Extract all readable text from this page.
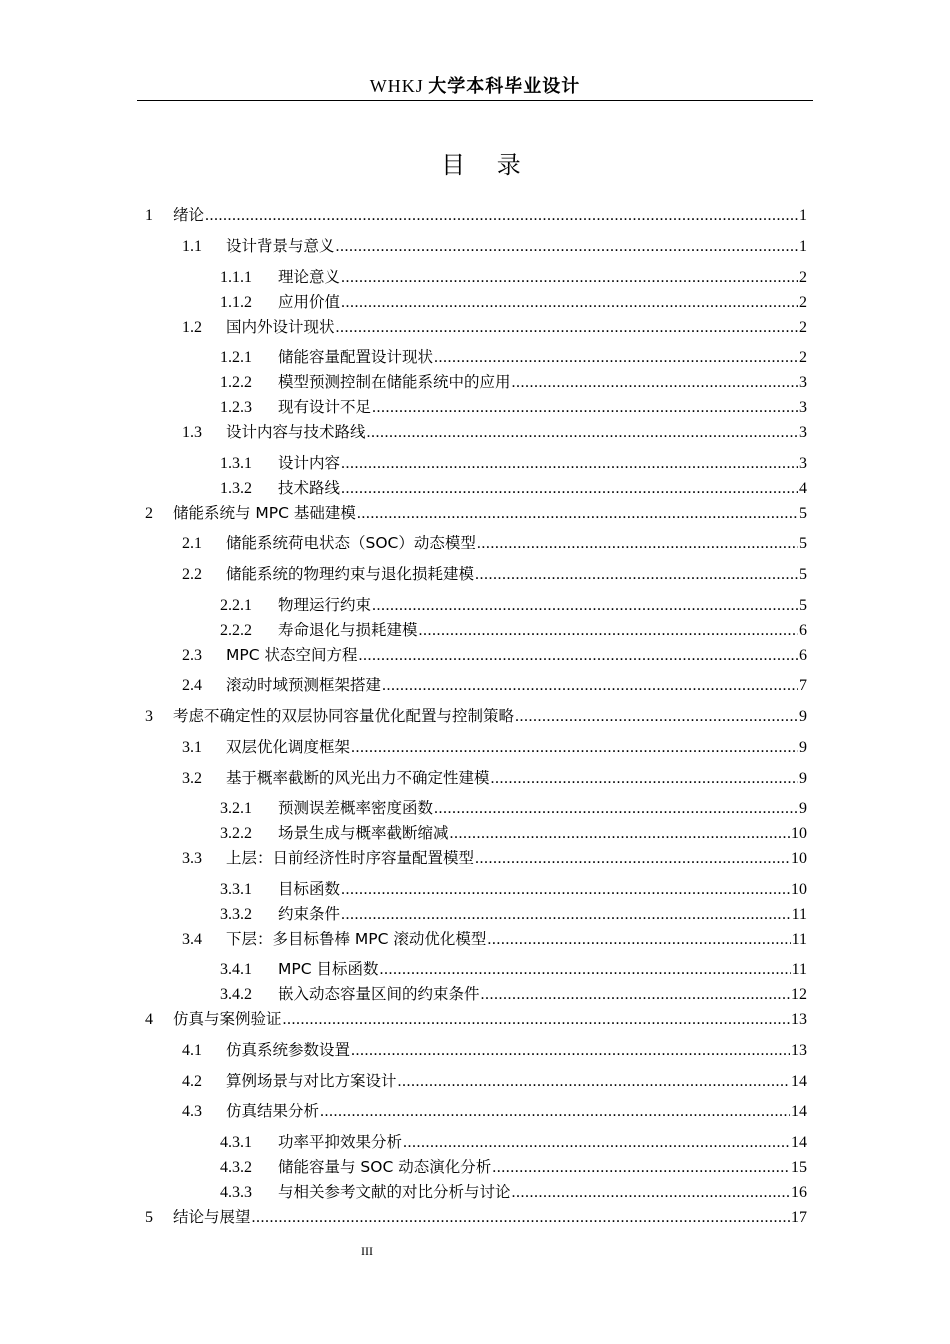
WHKJ 大学本科毕业设计
目 录
1	绪论 .....	1
1.1	设计背景与意义 .....	1
1.1.1	理论意义 .....	2
1.1.2	应用价值 .....	2
1.2	国内外设计现状 .....	2
1.2.1	储能容量配置设计现状 .....	2
1.2.2	模型预测控制在储能系统中的应用 .....	3
1.2.3	现有设计不足 .....	3
1.3	设计内容与技术路线 .....	3
1.3.1	设计内容 .....	3
1.3.2	技术路线 .....	4
2	储能系统与 MPC 基础建模 .....	5
2.1	储能系统荷电状态（SOC）动态模型 .....	5
2.2	储能系统的物理约束与退化损耗建模 .....	5
2.2.1	物理运行约束 .....	5
2.2.2	寿命退化与损耗建模 .....	6
2.3	MPC 状态空间方程 .....	6
2.4	滚动时域预测框架搭建 .....	7
3	考虑不确定性的双层协同容量优化配置与控制策略 .....	9
3.1	双层优化调度框架 .....	9
3.2	基于概率截断的风光出力不确定性建模 .....	9
3.2.1	预测误差概率密度函数 .....	9
3.2.2	场景生成与概率截断缩减 .....	10
3.3	上层：日前经济性时序容量配置模型 .....	10
3.3.1	目标函数 .....	10
3.3.2	约束条件 .....	11
3.4	下层：多目标鲁棒 MPC 滚动优化模型 .....	11
3.4.1	MPC 目标函数 .....	11
3.4.2	嵌入动态容量区间的约束条件 .....	12
4	仿真与案例验证 .....	13
4.1	仿真系统参数设置 .....	13
4.2	算例场景与对比方案设计 .....	14
4.3	仿真结果分析 .....	14
4.3.1	功率平抑效果分析 .....	14
4.3.2	储能容量与 SOC 动态演化分析 .....	15
4.3.3	与相关参考文献的对比分析与讨论 .....	16
5	结论与展望 .....	17
III
